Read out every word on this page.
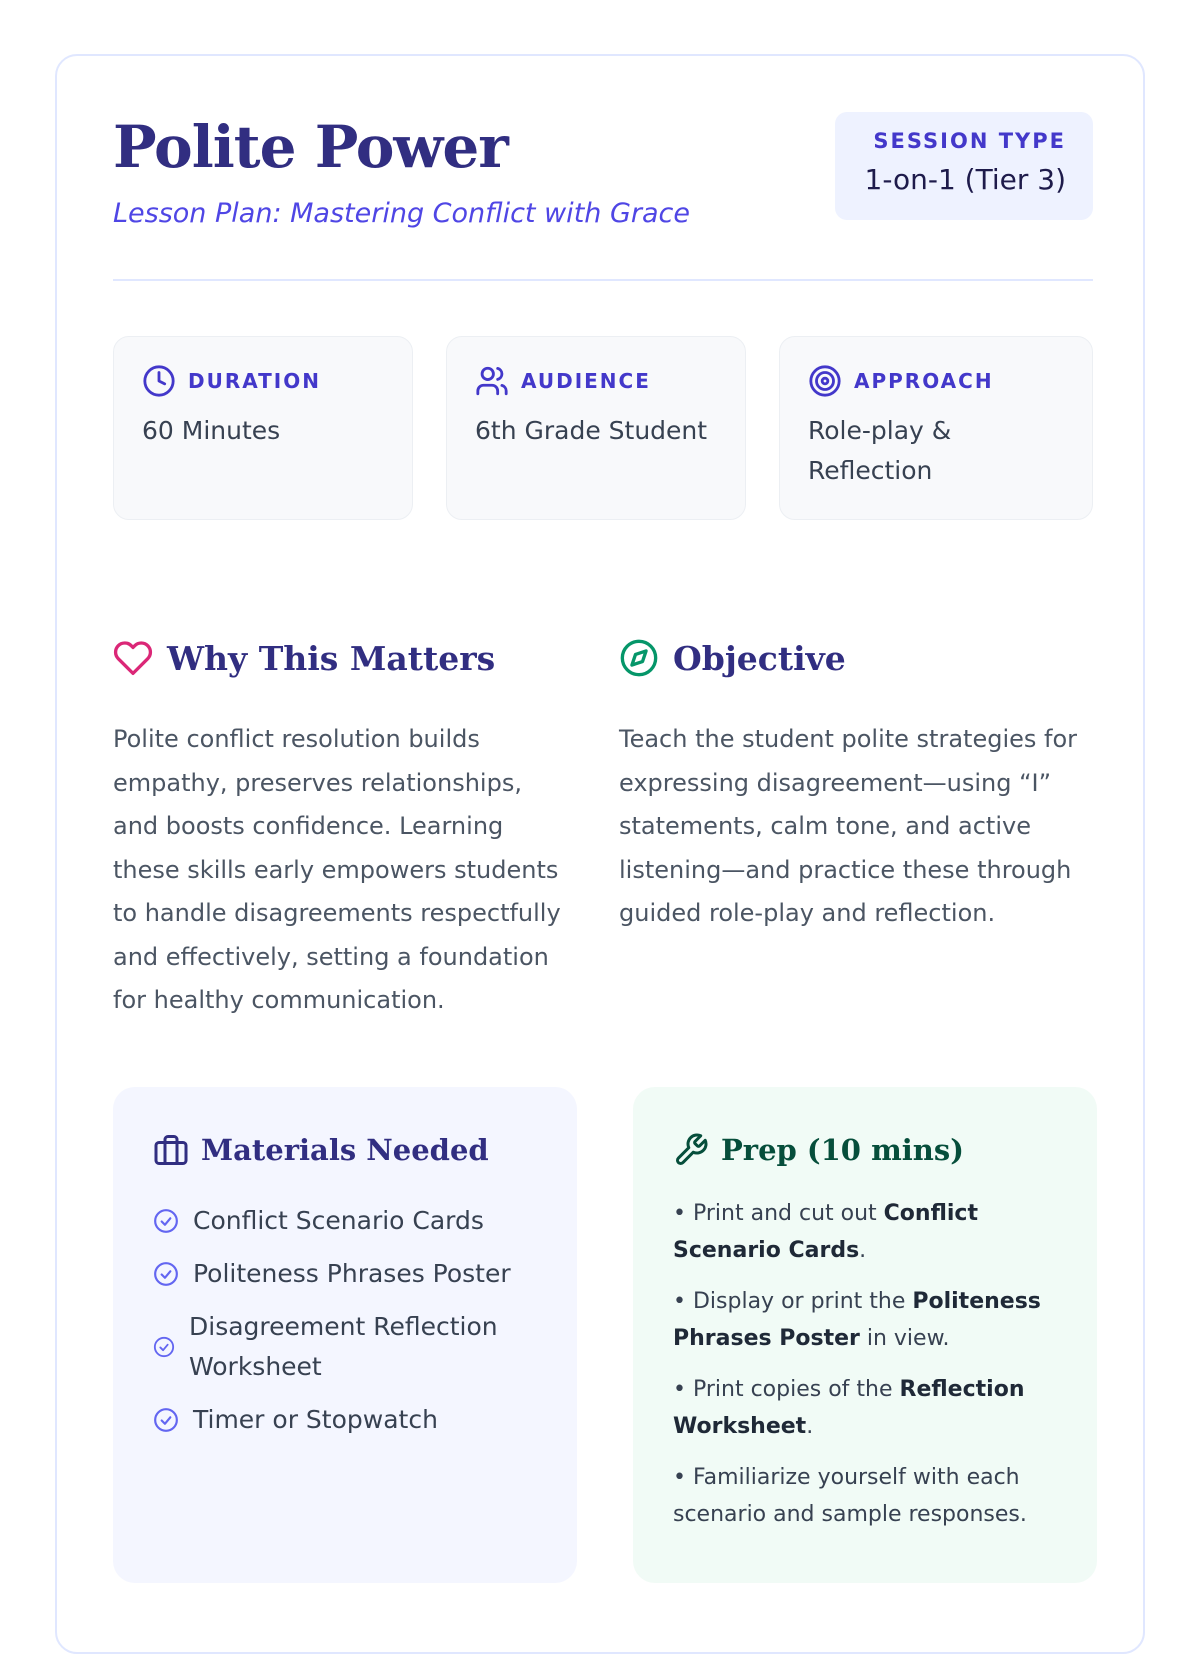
Polite Power
Lesson Plan: Mastering Conflict with Grace
SESSION TYPE
1-on-1 (Tier 3)
DURATION
60 Minutes
AUDIENCE
6th Grade Student
APPROACH
Role-play & Reflection
Why This Matters
Polite conflict resolution builds empathy, preserves relationships, and boosts confidence. Learning these skills early empowers students to handle disagreements respectfully and effectively, setting a foundation for healthy communication.
Objective
Teach the student polite strategies for expressing disagreement—using “I” statements, calm tone, and active listening—and practice these through guided role-play and reflection.
Materials Needed
Conflict Scenario Cards
Politeness Phrases Poster
Disagreement Reflection Worksheet
Timer or Stopwatch
Prep (10 mins)
• Print and cut out Conflict Scenario Cards.
• Display or print the Politeness Phrases Poster in view.
• Print copies of the Reflection Worksheet.
• Familiarize yourself with each scenario and sample responses.
